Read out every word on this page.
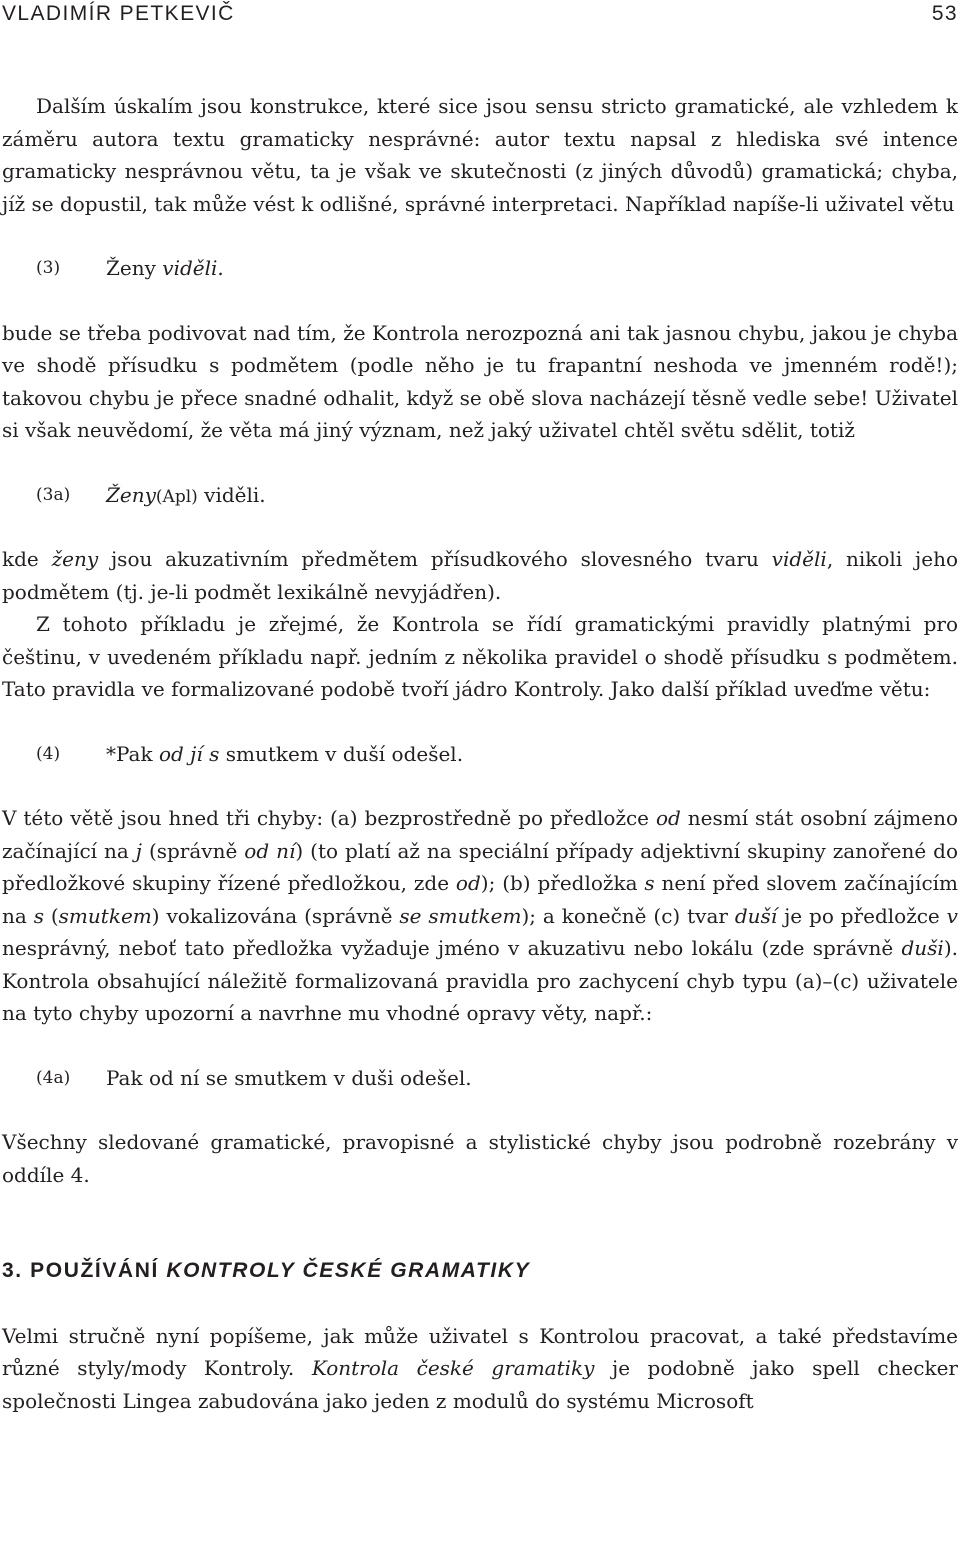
VLADIMÍR PETKEVIČ	53

Dalším úskalím jsou konstrukce, které sice jsou sensu stricto gramatické, ale vzhledem k záměru autora textu gramaticky nesprávné: autor textu napsal z hlediska své intence gramaticky nesprávnou větu, ta je však ve skutečnosti (z jiných důvodů) gramatická; chyba, jíž se dopustil, tak může vést k odlišné, správné interpretaci. Například napíše-li uživatel větu

(3) Ženy viděli.

bude se třeba podivovat nad tím, že Kontrola nerozpozná ani tak jasnou chybu, jakou je chyba ve shodě přísudku s podmětem (podle něho je tu frapantní neshoda ve jmenném rodě!); takovou chybu je přece snadné odhalit, když se obě slova nacházejí těsně vedle sebe! Uživatel si však neuvědomí, že věta má jiný význam, než jaký uživatel chtěl světu sdělit, totiž

(3a) Ženy(Apl) viděli.

kde ženy jsou akuzativním předmětem přísudkového slovesného tvaru viděli, nikoli jeho podmětem (tj. je-li podmět lexikálně nevyjádřen).

Z tohoto příkladu je zřejmé, že Kontrola se řídí gramatickými pravidly platnými pro češtinu, v uvedeném příkladu např. jedním z několika pravidel o shodě přísudku s podmětem. Tato pravidla ve formalizované podobě tvoří jádro Kontroly. Jako další příklad uveďme větu:

(4) *Pak od jí s smutkem v duší odešel.

V této větě jsou hned tři chyby: (a) bezprostředně po předložce od nesmí stát osobní zájmeno začínající na j (správně od ní) (to platí až na speciální případy adjektivní skupiny zanořené do předložkové skupiny řízené předložkou, zde od); (b) předložka s není před slovem začínajícím na s (smutkem) vokalizována (správně se smutkem); a konečně (c) tvar duší je po předložce v nesprávný, neboť tato předložka vyžaduje jméno v akuzativu nebo lokálu (zde správně duši). Kontrola obsahující náležitě formalizovaná pravidla pro zachycení chyb typu (a)–(c) uživatele na tyto chyby upozorní a navrhne mu vhodné opravy věty, např.:

(4a) Pak od ní se smutkem v duši odešel.

Všechny sledované gramatické, pravopisné a stylistické chyby jsou podrobně rozebrány v oddíle 4.

3. POUŽÍVÁNÍ KONTROLY ČESKÉ GRAMATIKY

Velmi stručně nyní popíšeme, jak může uživatel s Kontrolou pracovat, a také představíme různé styly/mody Kontroly. Kontrola české gramatiky je podobně jako spell checker společnosti Lingea zabudována jako jeden z modulů do systému Microsoft
